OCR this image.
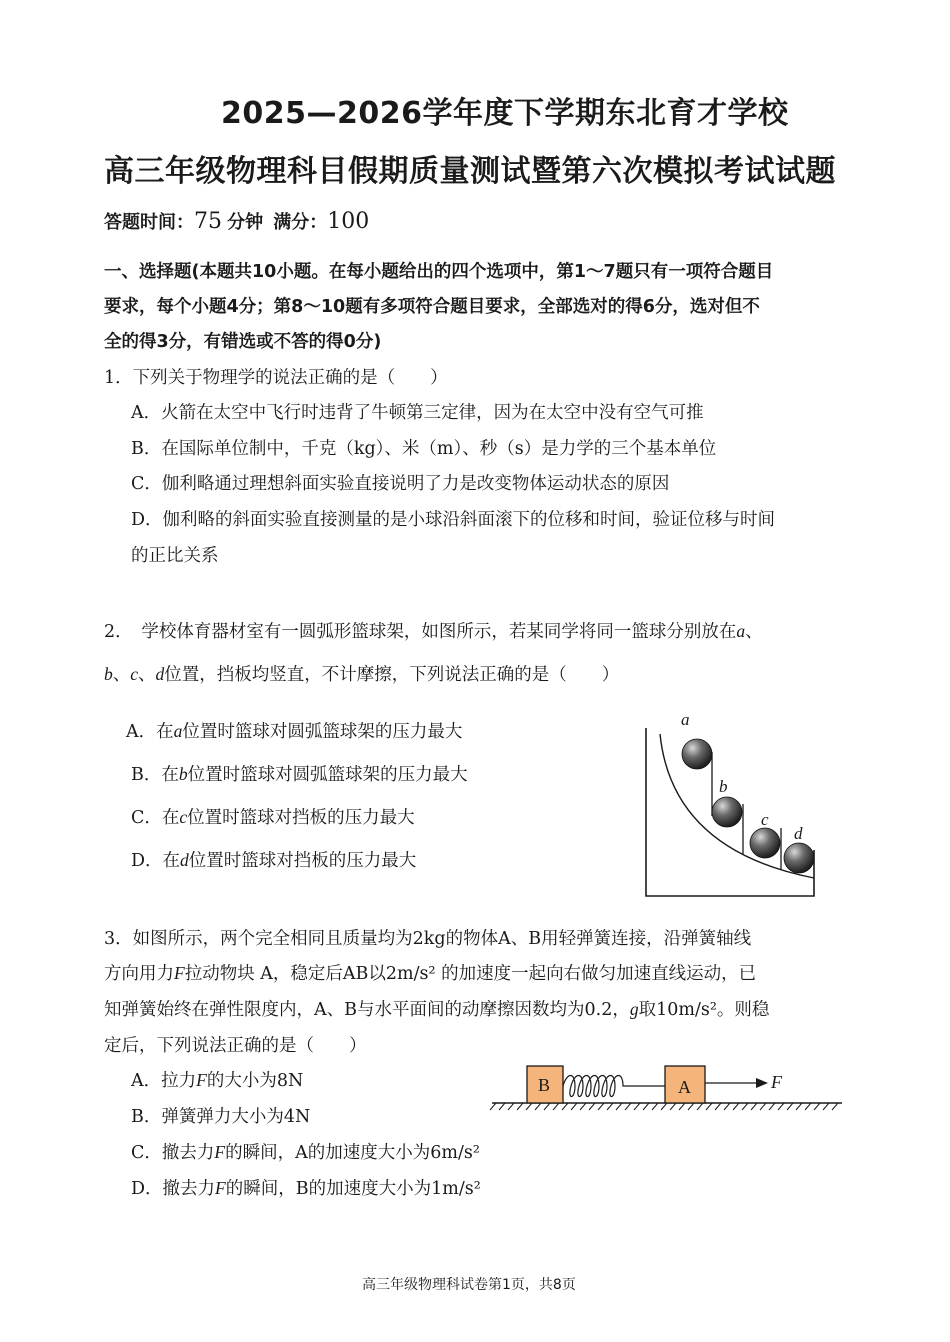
2025—2026学年度下学期东北育才学校
高三年级物理科目假期质量测试暨第六次模拟考试试题
答题时间：75 分钟 满分：100
一、选择题(本题共10小题。在每小题给出的四个选项中，第1～7题只有一项符合题目
要求，每个小题4分；第8～10题有多项符合题目要求，全部选对的得6分，选对但不
全的得3分，有错选或不答的得0分)
1．下列关于物理学的说法正确的是（　　）
A．火箭在太空中飞行时违背了牛顿第三定律，因为在太空中没有空气可推
B．在国际单位制中，千克（kg）、米（m）、秒（s）是力学的三个基本单位
C．伽利略通过理想斜面实验直接说明了力是改变物体运动状态的原因
D．伽利略的斜面实验直接测量的是小球沿斜面滚下的位移和时间，验证位移与时间
的正比关系
2．　学校体育器材室有一圆弧形篮球架，如图所示，若某同学将同一篮球分别放在a、
b、c、d位置，挡板均竖直，不计摩擦，下列说法正确的是（　　）
A．在a位置时篮球对圆弧篮球架的压力最大
B．在b位置时篮球对圆弧篮球架的压力最大
C．在c位置时篮球对挡板的压力最大
D．在d位置时篮球对挡板的压力最大
a
b
c
d
3．如图所示，两个完全相同且质量均为2kg的物体A、B用轻弹簧连接，沿弹簧轴线
方向用力F拉动物块 A，稳定后AB以2m/s² 的加速度一起向右做匀加速直线运动，已
知弹簧始终在弹性限度内，A、B与水平面间的动摩擦因数均为0.2，g取10m/s²。则稳
定后，下列说法正确的是（　　）
A．拉力F的大小为8N
B．弹簧弹力大小为4N
C．撤去力F的瞬间，A的加速度大小为6m/s²
D．撤去力F的瞬间，B的加速度大小为1m/s²
B	A	F
高三年级物理科试卷第1页，共8页
